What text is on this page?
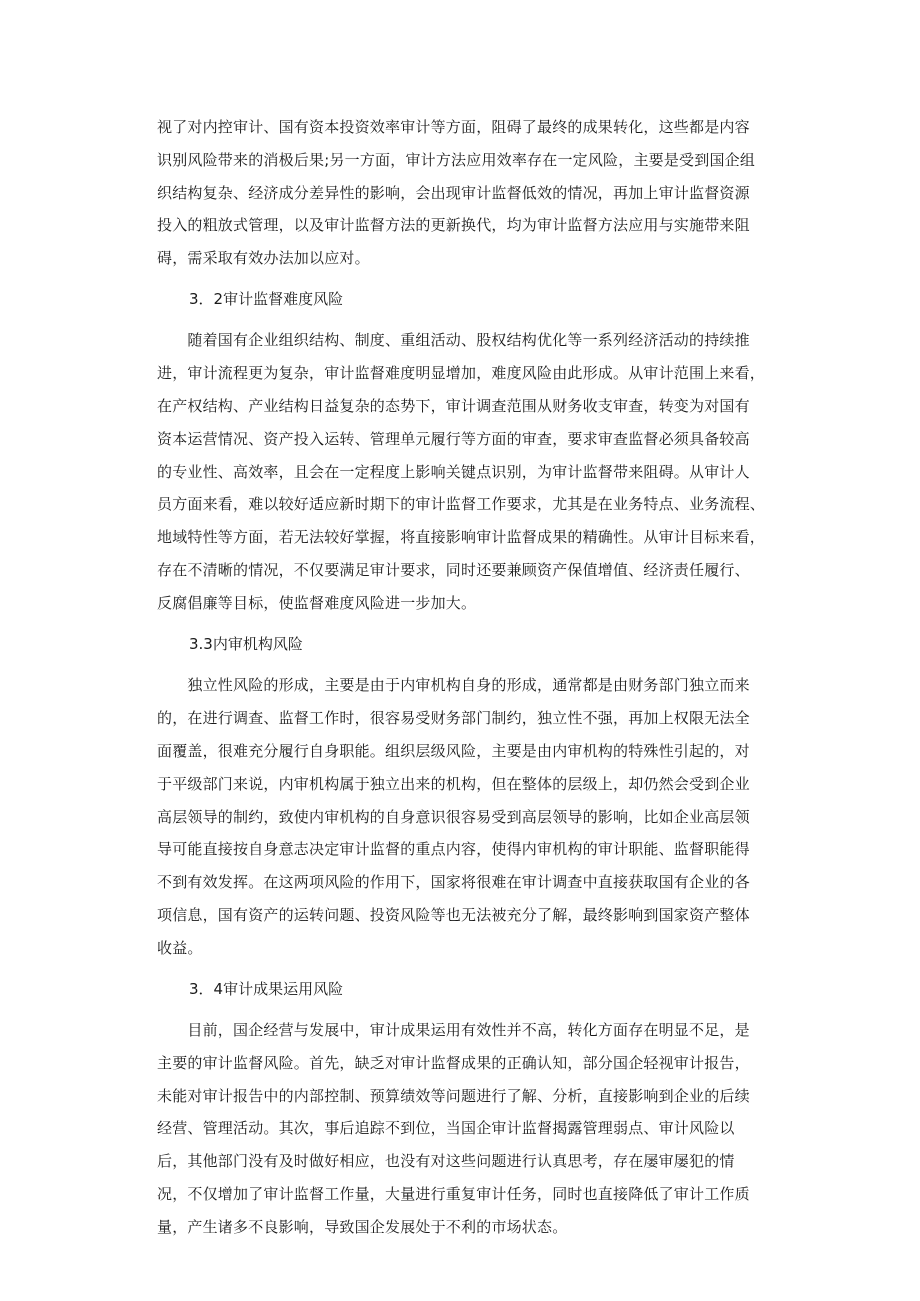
视了对内控审计、国有资本投资效率审计等方面，阻碍了最终的成果转化，这些都是内容
识别风险带来的消极后果;另一方面，审计方法应用效率存在一定风险，主要是受到国企组
织结构复杂、经济成分差异性的影响，会出现审计监督低效的情况，再加上审计监督资源
投入的粗放式管理，以及审计监督方法的更新换代，均为审计监督方法应用与实施带来阻
碍，需采取有效办法加以应对。
3．2审计监督难度风险
　　随着国有企业组织结构、制度、重组活动、股权结构优化等一系列经济活动的持续推
进，审计流程更为复杂，审计监督难度明显增加，难度风险由此形成。从审计范围上来看，
在产权结构、产业结构日益复杂的态势下，审计调查范围从财务收支审查，转变为对国有
资本运营情况、资产投入运转、管理单元履行等方面的审查，要求审查监督必须具备较高
的专业性、高效率，且会在一定程度上影响关键点识别，为审计监督带来阻碍。从审计人
员方面来看，难以较好适应新时期下的审计监督工作要求，尤其是在业务特点、业务流程、
地域特性等方面，若无法较好掌握，将直接影响审计监督成果的精确性。从审计目标来看，
存在不清晰的情况，不仅要满足审计要求，同时还要兼顾资产保值增值、经济责任履行、
反腐倡廉等目标，使监督难度风险进一步加大。
3.3内审机构风险
　　独立性风险的形成，主要是由于内审机构自身的形成，通常都是由财务部门独立而来
的，在进行调查、监督工作时，很容易受财务部门制约，独立性不强，再加上权限无法全
面覆盖，很难充分履行自身职能。组织层级风险，主要是由内审机构的特殊性引起的，对
于平级部门来说，内审机构属于独立出来的机构，但在整体的层级上，却仍然会受到企业
高层领导的制约，致使内审机构的自身意识很容易受到高层领导的影响，比如企业高层领
导可能直接按自身意志决定审计监督的重点内容，使得内审机构的审计职能、监督职能得
不到有效发挥。在这两项风险的作用下，国家将很难在审计调查中直接获取国有企业的各
项信息，国有资产的运转问题、投资风险等也无法被充分了解，最终影响到国家资产整体
收益。
3．4审计成果运用风险
　　目前，国企经营与发展中，审计成果运用有效性并不高，转化方面存在明显不足，是
主要的审计监督风险。首先，缺乏对审计监督成果的正确认知，部分国企轻视审计报告，
未能对审计报告中的内部控制、预算绩效等问题进行了解、分析，直接影响到企业的后续
经营、管理活动。其次，事后追踪不到位，当国企审计监督揭露管理弱点、审计风险以
后，其他部门没有及时做好相应，也没有对这些问题进行认真思考，存在屡审屡犯的情
况，不仅增加了审计监督工作量，大量进行重复审计任务，同时也直接降低了审计工作质
量，产生诸多不良影响，导致国企发展处于不利的市场状态。
